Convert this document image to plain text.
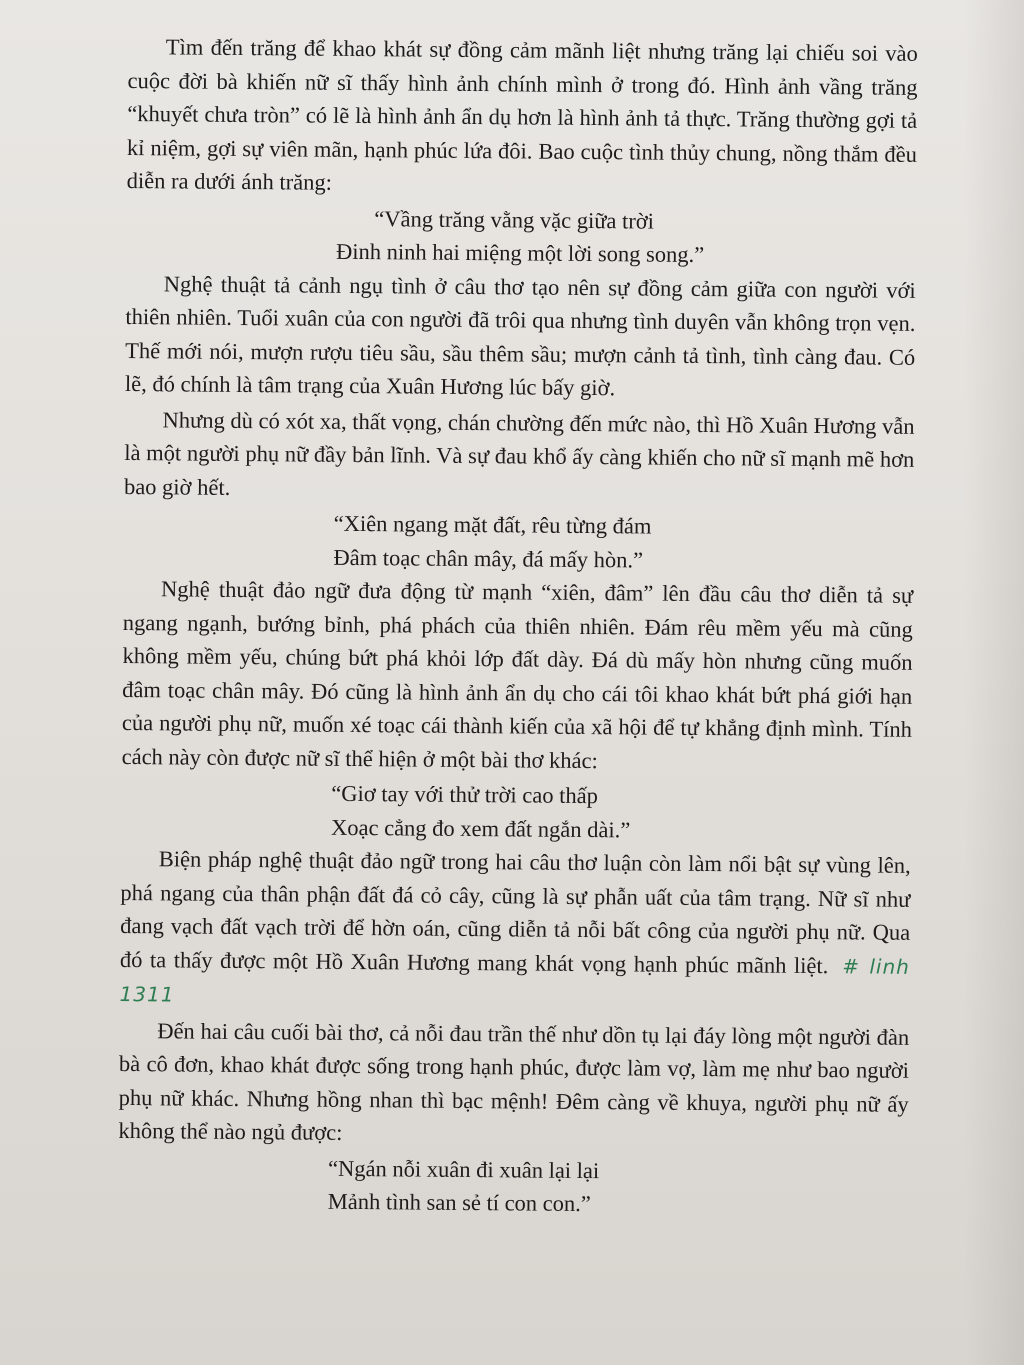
Tìm đến trăng để khao khát sự đồng cảm mãnh liệt nhưng trăng lại chiếu soi vào cuộc đời bà khiến nữ sĩ thấy hình ảnh chính mình ở trong đó. Hình ảnh vầng trăng “khuyết chưa tròn” có lẽ là hình ảnh ẩn dụ hơn là hình ảnh tả thực. Trăng thường gợi tả kỉ niệm, gợi sự viên mãn, hạnh phúc lứa đôi. Bao cuộc tình thủy chung, nồng thắm đều diễn ra dưới ánh trăng:

“Vầng trăng vằng vặc giữa trời
Đinh ninh hai miệng một lời song song.”

Nghệ thuật tả cảnh ngụ tình ở câu thơ tạo nên sự đồng cảm giữa con người với thiên nhiên. Tuổi xuân của con người đã trôi qua nhưng tình duyên vẫn không trọn vẹn. Thế mới nói, mượn rượu tiêu sầu, sầu thêm sầu; mượn cảnh tả tình, tình càng đau. Có lẽ, đó chính là tâm trạng của Xuân Hương lúc bấy giờ.

Nhưng dù có xót xa, thất vọng, chán chường đến mức nào, thì Hồ Xuân Hương vẫn là một người phụ nữ đầy bản lĩnh. Và sự đau khổ ấy càng khiến cho nữ sĩ mạnh mẽ hơn bao giờ hết.

“Xiên ngang mặt đất, rêu từng đám
Đâm toạc chân mây, đá mấy hòn.”

Nghệ thuật đảo ngữ đưa động từ mạnh “xiên, đâm” lên đầu câu thơ diễn tả sự ngang ngạnh, bướng bỉnh, phá phách của thiên nhiên. Đám rêu mềm yếu mà cũng không mềm yếu, chúng bứt phá khỏi lớp đất dày. Đá dù mấy hòn nhưng cũng muốn đâm toạc chân mây. Đó cũng là hình ảnh ẩn dụ cho cái tôi khao khát bứt phá giới hạn của người phụ nữ, muốn xé toạc cái thành kiến của xã hội để tự khẳng định mình. Tính cách này còn được nữ sĩ thể hiện ở một bài thơ khác:

“Giơ tay với thử trời cao thấp
Xoạc cẳng đo xem đất ngắn dài.”

Biện pháp nghệ thuật đảo ngữ trong hai câu thơ luận còn làm nổi bật sự vùng lên, phá ngang của thân phận đất đá cỏ cây, cũng là sự phẫn uất của tâm trạng. Nữ sĩ như đang vạch đất vạch trời để hờn oán, cũng diễn tả nỗi bất công của người phụ nữ. Qua đó ta thấy được một Hồ Xuân Hương mang khát vọng hạnh phúc mãnh liệt. # linh 1311

Đến hai câu cuối bài thơ, cả nỗi đau trần thế như dồn tụ lại đáy lòng một người đàn bà cô đơn, khao khát được sống trong hạnh phúc, được làm vợ, làm mẹ như bao người phụ nữ khác. Nhưng hồng nhan thì bạc mệnh! Đêm càng về khuya, người phụ nữ ấy không thể nào ngủ được:

“Ngán nỗi xuân đi xuân lại lại
Mảnh tình san sẻ tí con con.”
